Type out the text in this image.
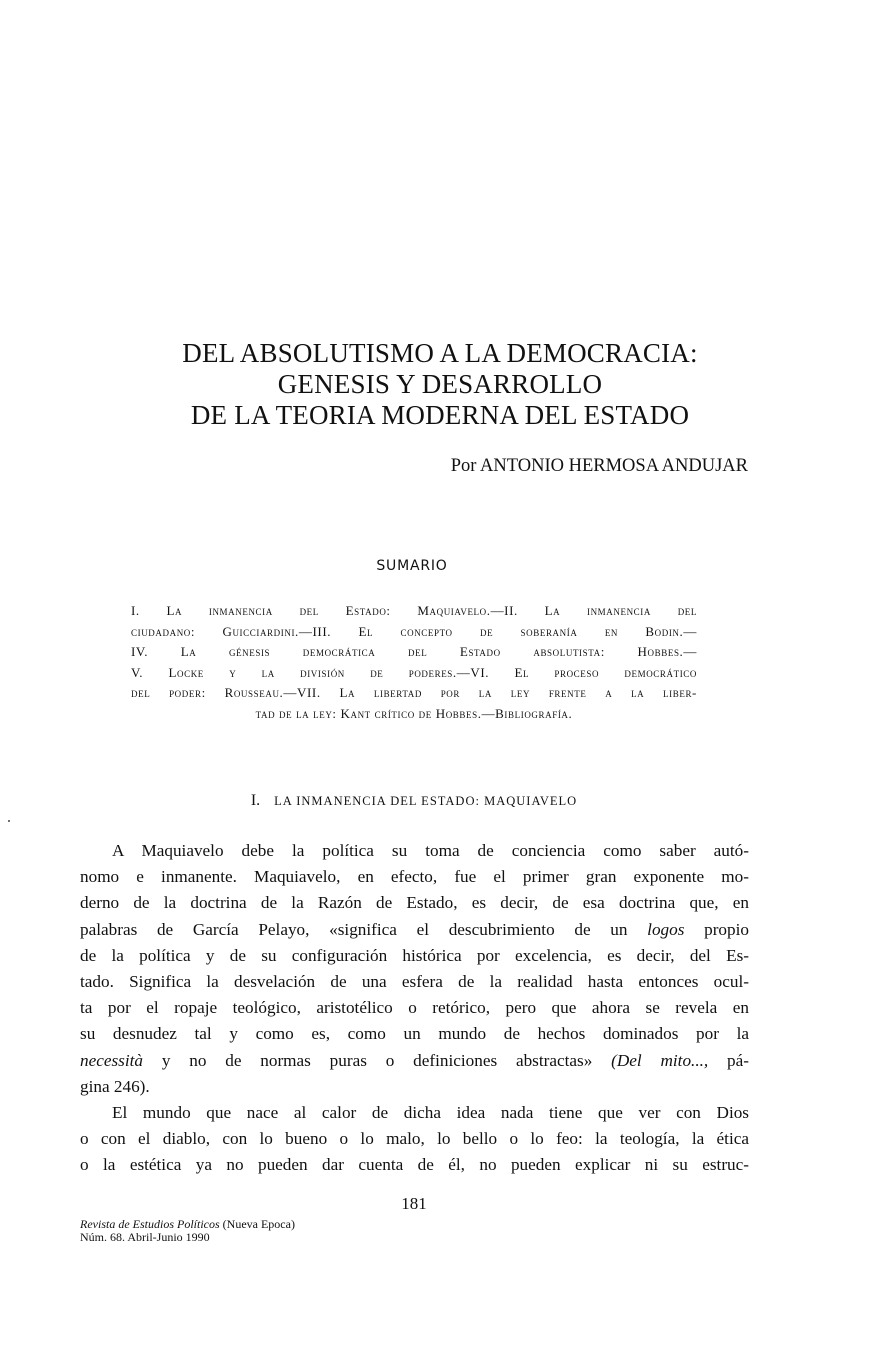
DEL ABSOLUTISMO A LA DEMOCRACIA:
GENESIS Y DESARROLLO
DE LA TEORIA MODERNA DEL ESTADO
Por ANTONIO HERMOSA ANDUJAR
SUMARIO
I. La inmanencia del Estado: Maquiavelo.—II. La inmanencia del
ciudadano: Guicciardini.—III. El concepto de soberanía en Bodin.—
IV. La génesis democrática del Estado absolutista: Hobbes.—
V. Locke y la división de poderes.—VI. El proceso democrático
del poder: Rousseau.—VII. La libertad por la ley frente a la liber-
tad de la ley: Kant crítico de Hobbes.—Bibliografía.
I. LA INMANENCIA DEL ESTADO: MAQUIAVELO
A Maquiavelo debe la política su toma de conciencia como saber autó-
nomo e inmanente. Maquiavelo, en efecto, fue el primer gran exponente mo-
derno de la doctrina de la Razón de Estado, es decir, de esa doctrina que, en
palabras de García Pelayo, «significa el descubrimiento de un logos propio
de la política y de su configuración histórica por excelencia, es decir, del Es-
tado. Significa la desvelación de una esfera de la realidad hasta entonces ocul-
ta por el ropaje teológico, aristotélico o retórico, pero que ahora se revela en
su desnudez tal y como es, como un mundo de hechos dominados por la
necessità y no de normas puras o definiciones abstractas» (Del mito..., pá-
gina 246).
El mundo que nace al calor de dicha idea nada tiene que ver con Dios
o con el diablo, con lo bueno o lo malo, lo bello o lo feo: la teología, la ética
o la estética ya no pueden dar cuenta de él, no pueden explicar ni su estruc-
181
Revista de Estudios Políticos (Nueva Epoca)
Núm. 68. Abril-Junio 1990
